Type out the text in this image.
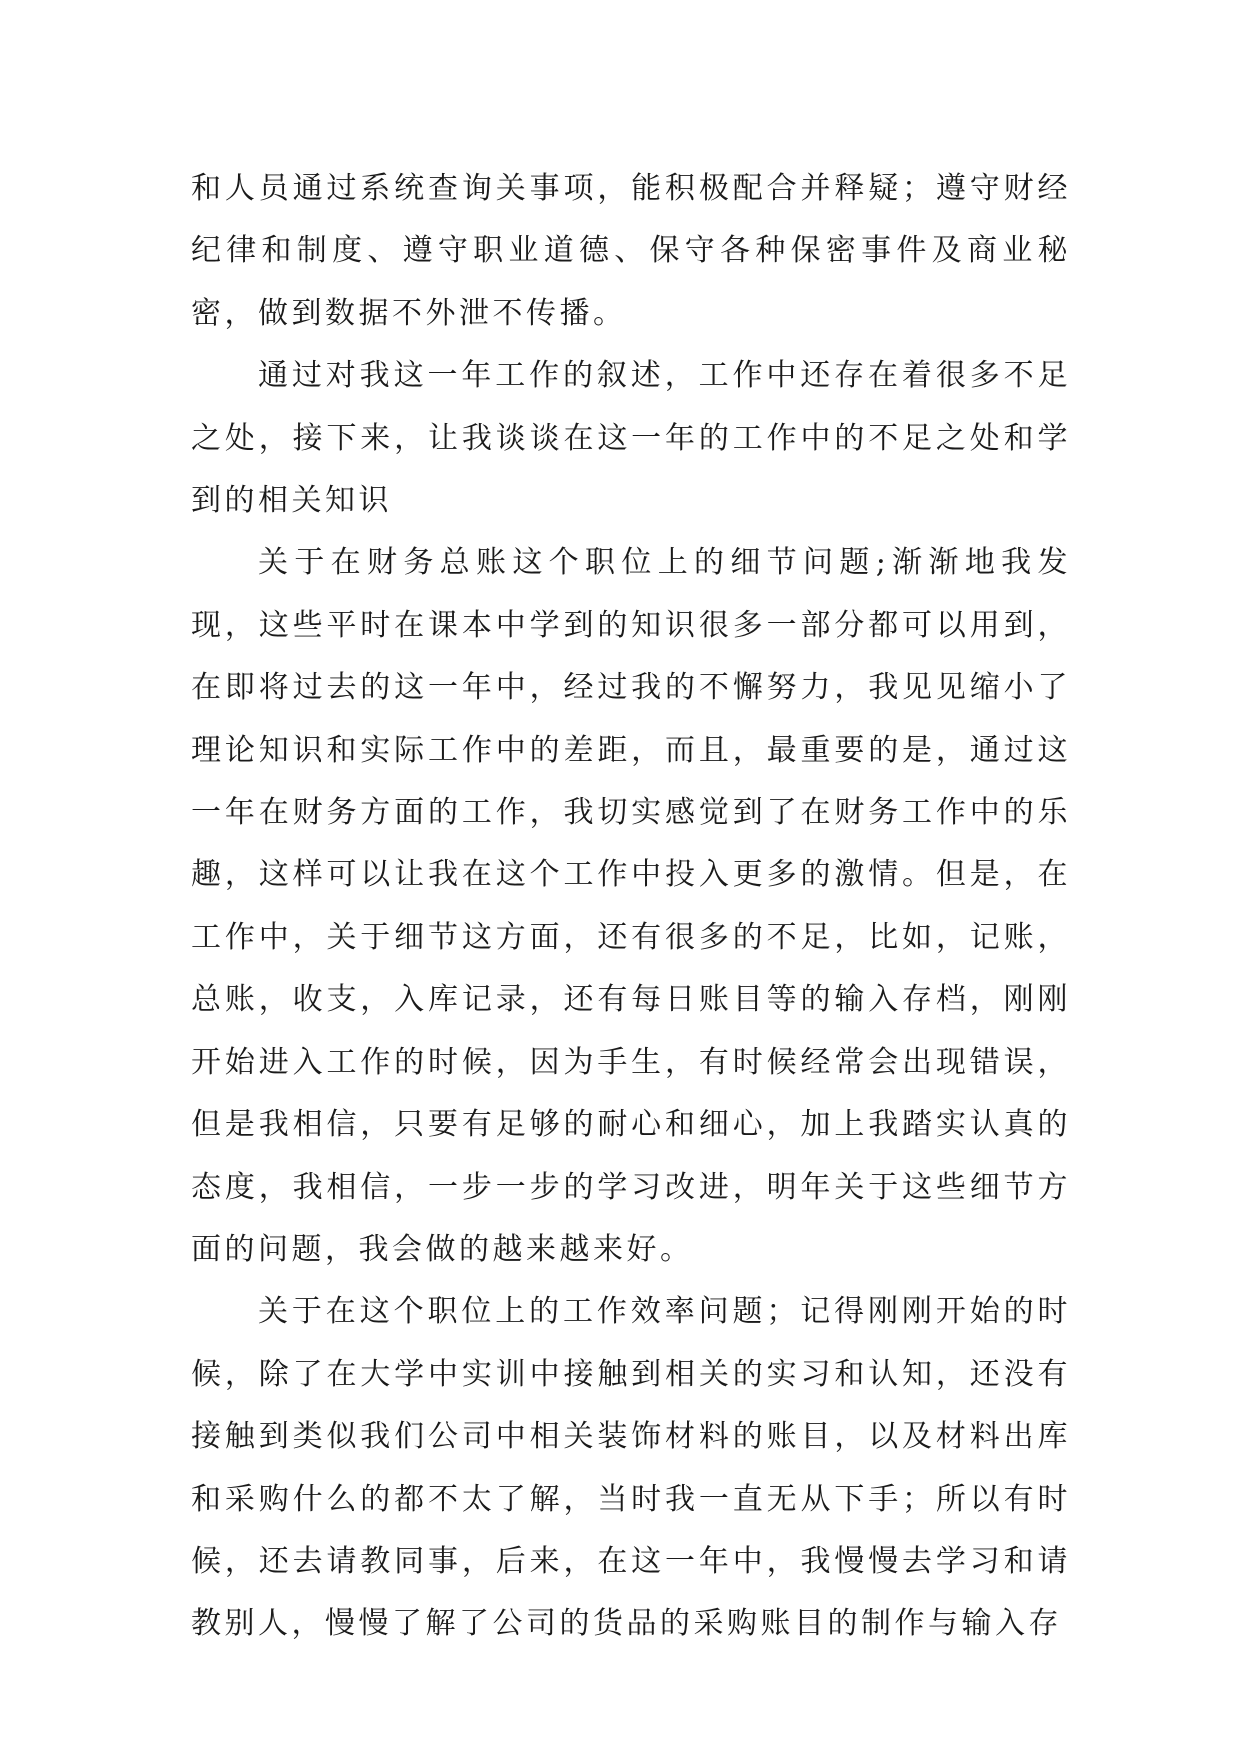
和人员通过系统查询关事项，能积极配合并释疑；遵守财经纪律和制度、遵守职业道德、保守各种保密事件及商业秘密，做到数据不外泄不传播。

通过对我这一年工作的叙述，工作中还存在着很多不足之处，接下来，让我谈谈在这一年的工作中的不足之处和学到的相关知识

关于在财务总账这个职位上的细节问题;渐渐地我发现，这些平时在课本中学到的知识很多一部分都可以用到，在即将过去的这一年中，经过我的不懈努力，我见见缩小了理论知识和实际工作中的差距，而且，最重要的是，通过这一年在财务方面的工作，我切实感觉到了在财务工作中的乐趣，这样可以让我在这个工作中投入更多的激情。但是，在工作中，关于细节这方面，还有很多的不足，比如，记账，总账，收支，入库记录，还有每日账目等的输入存档，刚刚开始进入工作的时候，因为手生，有时候经常会出现错误，但是我相信，只要有足够的耐心和细心，加上我踏实认真的态度，我相信，一步一步的学习改进，明年关于这些细节方面的问题，我会做的越来越来好。

关于在这个职位上的工作效率问题；记得刚刚开始的时候，除了在大学中实训中接触到相关的实习和认知，还没有接触到类似我们公司中相关装饰材料的账目，以及材料出库和采购什么的都不太了解，当时我一直无从下手；所以有时候，还去请教同事，后来，在这一年中，我慢慢去学习和请教别人，慢慢了解了公司的货品的采购账目的制作与输入存
